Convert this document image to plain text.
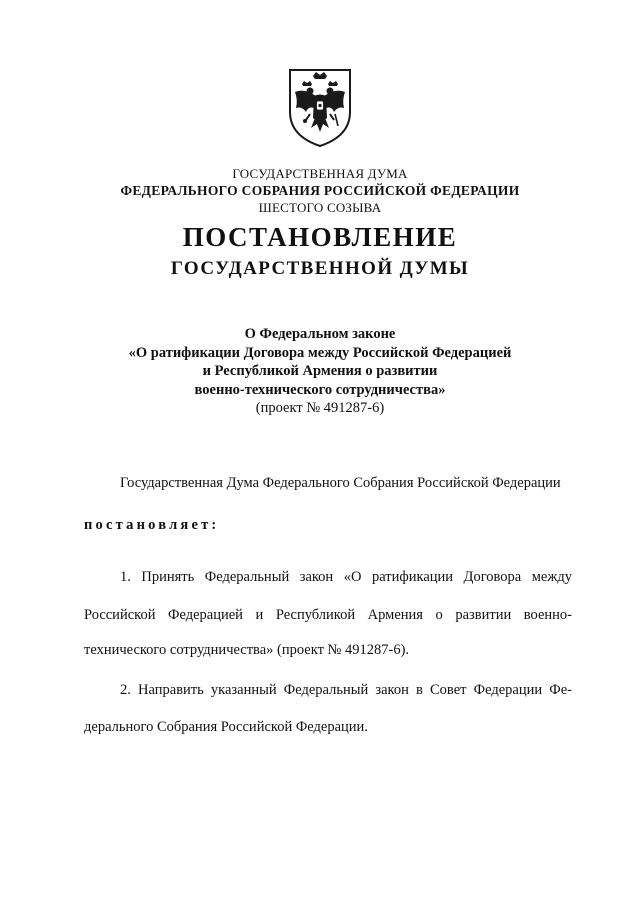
ГОСУДАРСТВЕННАЯ ДУМА
ФЕДЕРАЛЬНОГО СОБРАНИЯ РОССИЙСКОЙ ФЕДЕРАЦИИ
ШЕСТОГО СОЗЫВА
ПОСТАНОВЛЕНИЕ
ГОСУДАРСТВЕННОЙ ДУМЫ
О Федеральном законе
«О ратификации Договора между Российской Федерацией
и Республикой Армения о развитии
военно-технического сотрудничества»
(проект № 491287-6)
Государственная Дума Федерального Собрания Российской Федерации
постановляет:
1. Принять Федеральный закон «О ратификации Договора между
Российской Федерацией и Республикой Армения о развитии военно-
технического сотрудничества» (проект № 491287-6).
2. Направить указанный Федеральный закон в Совет Федерации Фе-
дерального Собрания Российской Федерации.
